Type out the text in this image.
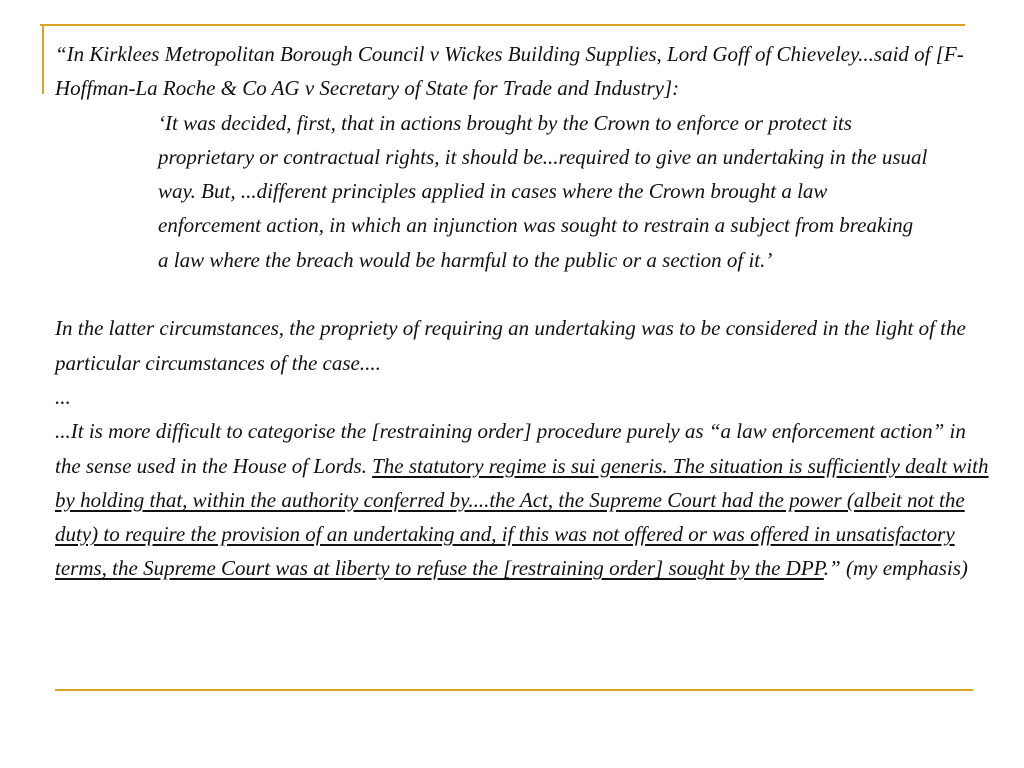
“In Kirklees Metropolitan Borough Council v Wickes Building Supplies, Lord Goff of Chieveley...said of [F-Hoffman-La Roche & Co AG v Secretary of State for Trade and Industry]:

‘It was decided, first, that in actions brought by the Crown to enforce or protect its proprietary or contractual rights, it should be...required to give an undertaking in the usual way. But, ...different principles applied in cases where the Crown brought a law enforcement action, in which an injunction was sought to restrain a subject from breaking a law where the breach would be harmful to the public or a section of it.’

In the latter circumstances, the propriety of requiring an undertaking was to be considered in the light of the particular circumstances of the case....

...

...It is more difficult to categorise the [restraining order] procedure purely as “a law enforcement action” in the sense used in the House of Lords. The statutory regime is sui generis. The situation is sufficiently dealt with by holding that, within the authority conferred by....the Act, the Supreme Court had the power (albeit not the duty) to require the provision of an undertaking and, if this was not offered or was offered in unsatisfactory terms, the Supreme Court was at liberty to refuse the [restraining order] sought by the DPP.” (my emphasis)
